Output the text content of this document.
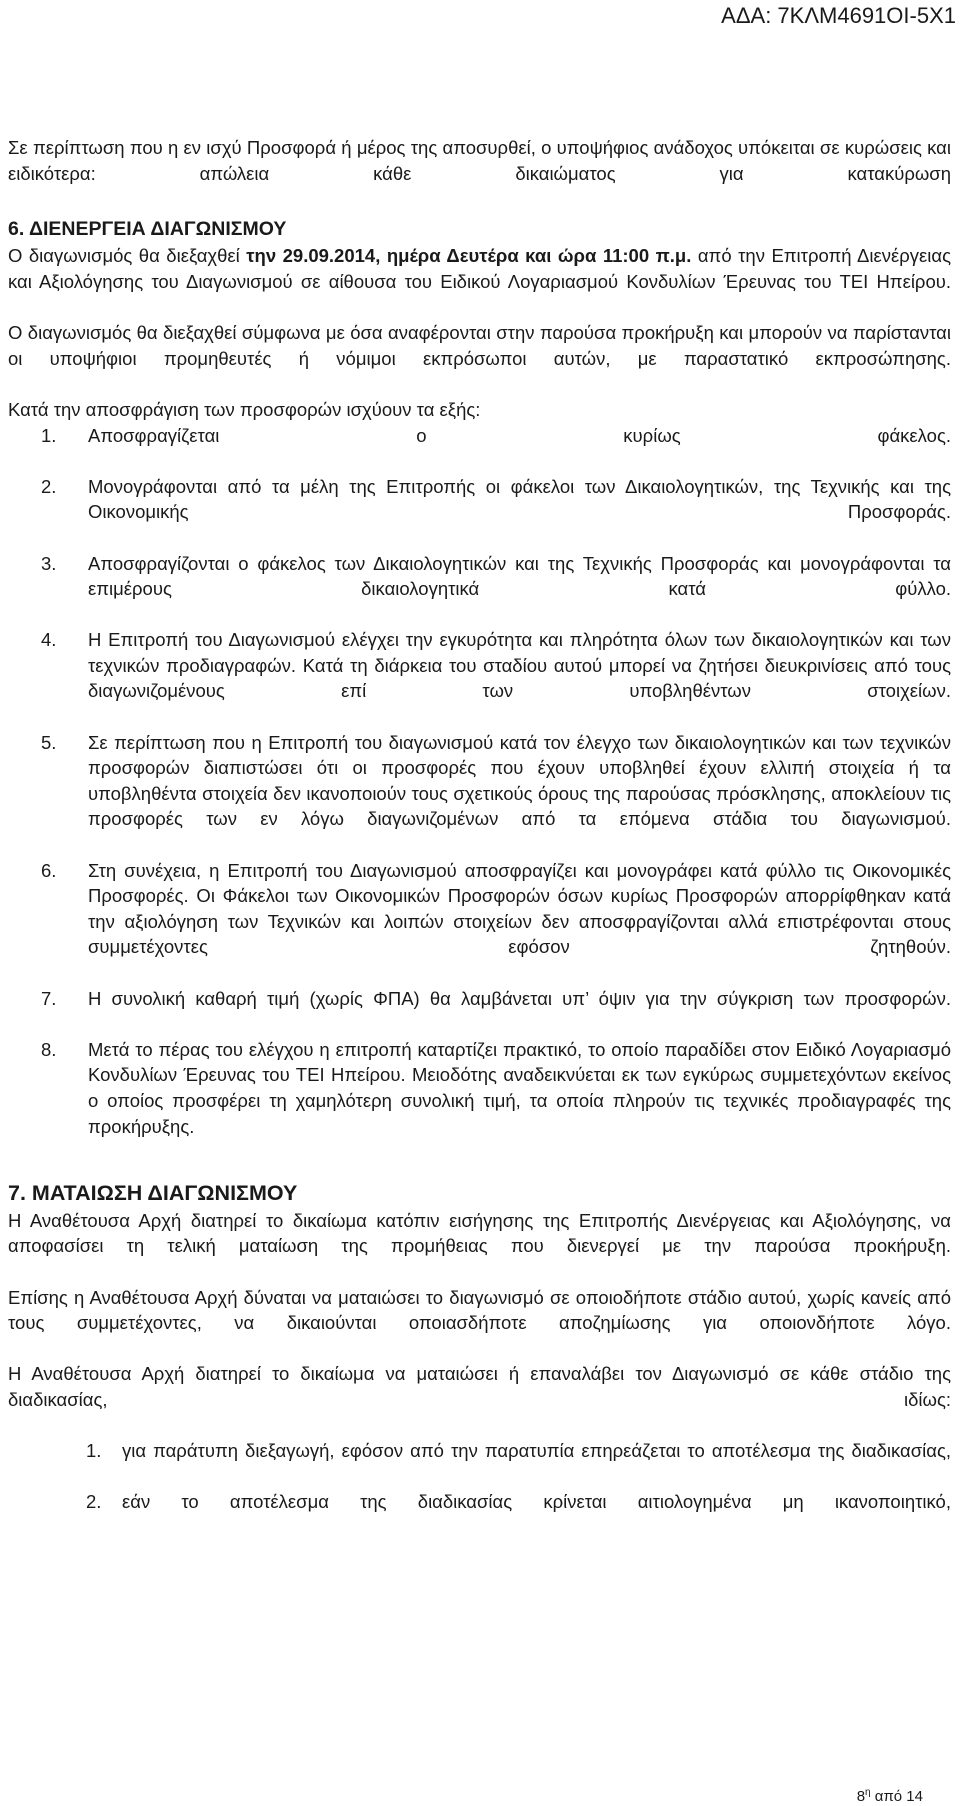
ΑΔΑ: 7ΚΛΜ4691ΟΙ-5Χ1

Σε περίπτωση που η εν ισχύ Προσφορά ή μέρος της αποσυρθεί, ο υποψήφιος ανάδοχος υπόκειται σε κυρώσεις και ειδικότερα: απώλεια κάθε δικαιώματος για κατακύρωση

6. ΔΙΕΝΕΡΓΕΙΑ ΔΙΑΓΩΝΙΣΜΟΥ

Ο διαγωνισμός θα διεξαχθεί την 29.09.2014, ημέρα Δευτέρα και ώρα 11:00 π.μ. από την Επιτροπή Διενέργειας και Αξιολόγησης του Διαγωνισμού σε αίθουσα του Ειδικού Λογαριασμού Κονδυλίων Έρευνας του ΤΕΙ Ηπείρου.

Ο διαγωνισμός θα διεξαχθεί σύμφωνα με όσα αναφέρονται στην παρούσα προκήρυξη και μπορούν να παρίστανται οι υποψήφιοι προμηθευτές ή νόμιμοι εκπρόσωποι αυτών, με παραστατικό εκπροσώπησης.

Κατά την αποσφράγιση των προσφορών ισχύουν τα εξής:

1. Αποσφραγίζεται ο κυρίως φάκελος.
2. Μονογράφονται από τα μέλη της Επιτροπής οι φάκελοι των Δικαιολογητικών, της Τεχνικής και της Οικονομικής Προσφοράς.
3. Αποσφραγίζονται ο φάκελος των Δικαιολογητικών και της Τεχνικής Προσφοράς και μονογράφονται τα επιμέρους δικαιολογητικά κατά φύλλο.
4. Η Επιτροπή του Διαγωνισμού ελέγχει την εγκυρότητα και πληρότητα όλων των δικαιολογητικών και των τεχνικών προδιαγραφών. Κατά τη διάρκεια του σταδίου αυτού μπορεί να ζητήσει διευκρινίσεις από τους διαγωνιζομένους επί των υποβληθέντων στοιχείων.
5. Σε περίπτωση που η Επιτροπή του διαγωνισμού κατά τον έλεγχο των δικαιολογητικών και των τεχνικών προσφορών διαπιστώσει ότι οι προσφορές που έχουν υποβληθεί έχουν ελλιπή στοιχεία ή τα υποβληθέντα στοιχεία δεν ικανοποιούν τους σχετικούς όρους της παρούσας πρόσκλησης, αποκλείουν τις προσφορές των εν λόγω διαγωνιζομένων από τα επόμενα στάδια του διαγωνισμού.
6. Στη συνέχεια, η Επιτροπή του Διαγωνισμού αποσφραγίζει και μονογράφει κατά φύλλο τις Οικονομικές Προσφορές. Οι Φάκελοι των Οικονομικών Προσφορών όσων κυρίως Προσφορών απορρίφθηκαν κατά την αξιολόγηση των Τεχνικών και λοιπών στοιχείων δεν αποσφραγίζονται αλλά επιστρέφονται στους συμμετέχοντες εφόσον ζητηθούν.
7. Η συνολική καθαρή τιμή (χωρίς ΦΠΑ) θα λαμβάνεται υπ’ όψιν για την σύγκριση των προσφορών.
8. Μετά το πέρας του ελέγχου η επιτροπή καταρτίζει πρακτικό, το οποίο παραδίδει στον Ειδικό Λογαριασμό Κονδυλίων Έρευνας του ΤΕΙ Ηπείρου. Μειοδότης αναδεικνύεται εκ των εγκύρως συμμετεχόντων εκείνος ο οποίος προσφέρει τη χαμηλότερη συνολική τιμή, τα οποία πληρούν τις τεχνικές προδιαγραφές της προκήρυξης.

7. ΜΑΤΑΙΩΣΗ ΔΙΑΓΩΝΙΣΜΟΥ

Η Αναθέτουσα Αρχή διατηρεί το δικαίωμα κατόπιν εισήγησης της Επιτροπής Διενέργειας και Αξιολόγησης, να αποφασίσει τη τελική ματαίωση της προμήθειας που διενεργεί με την παρούσα προκήρυξη.

Επίσης η Αναθέτουσα Αρχή δύναται να ματαιώσει το διαγωνισμό σε οποιοδήποτε στάδιο αυτού, χωρίς κανείς από τους συμμετέχοντες, να δικαιούνται οποιασδήποτε αποζημίωσης για οποιονδήποτε λόγο.

Η Αναθέτουσα Αρχή διατηρεί το δικαίωμα να ματαιώσει ή επαναλάβει τον Διαγωνισμό σε κάθε στάδιο της διαδικασίας, ιδίως:

1. για παράτυπη διεξαγωγή, εφόσον από την παρατυπία επηρεάζεται το αποτέλεσμα της διαδικασίας,
2. εάν το αποτέλεσμα της διαδικασίας κρίνεται αιτιολογημένα μη ικανοποιητικό,
$8^\eta$ από 14
